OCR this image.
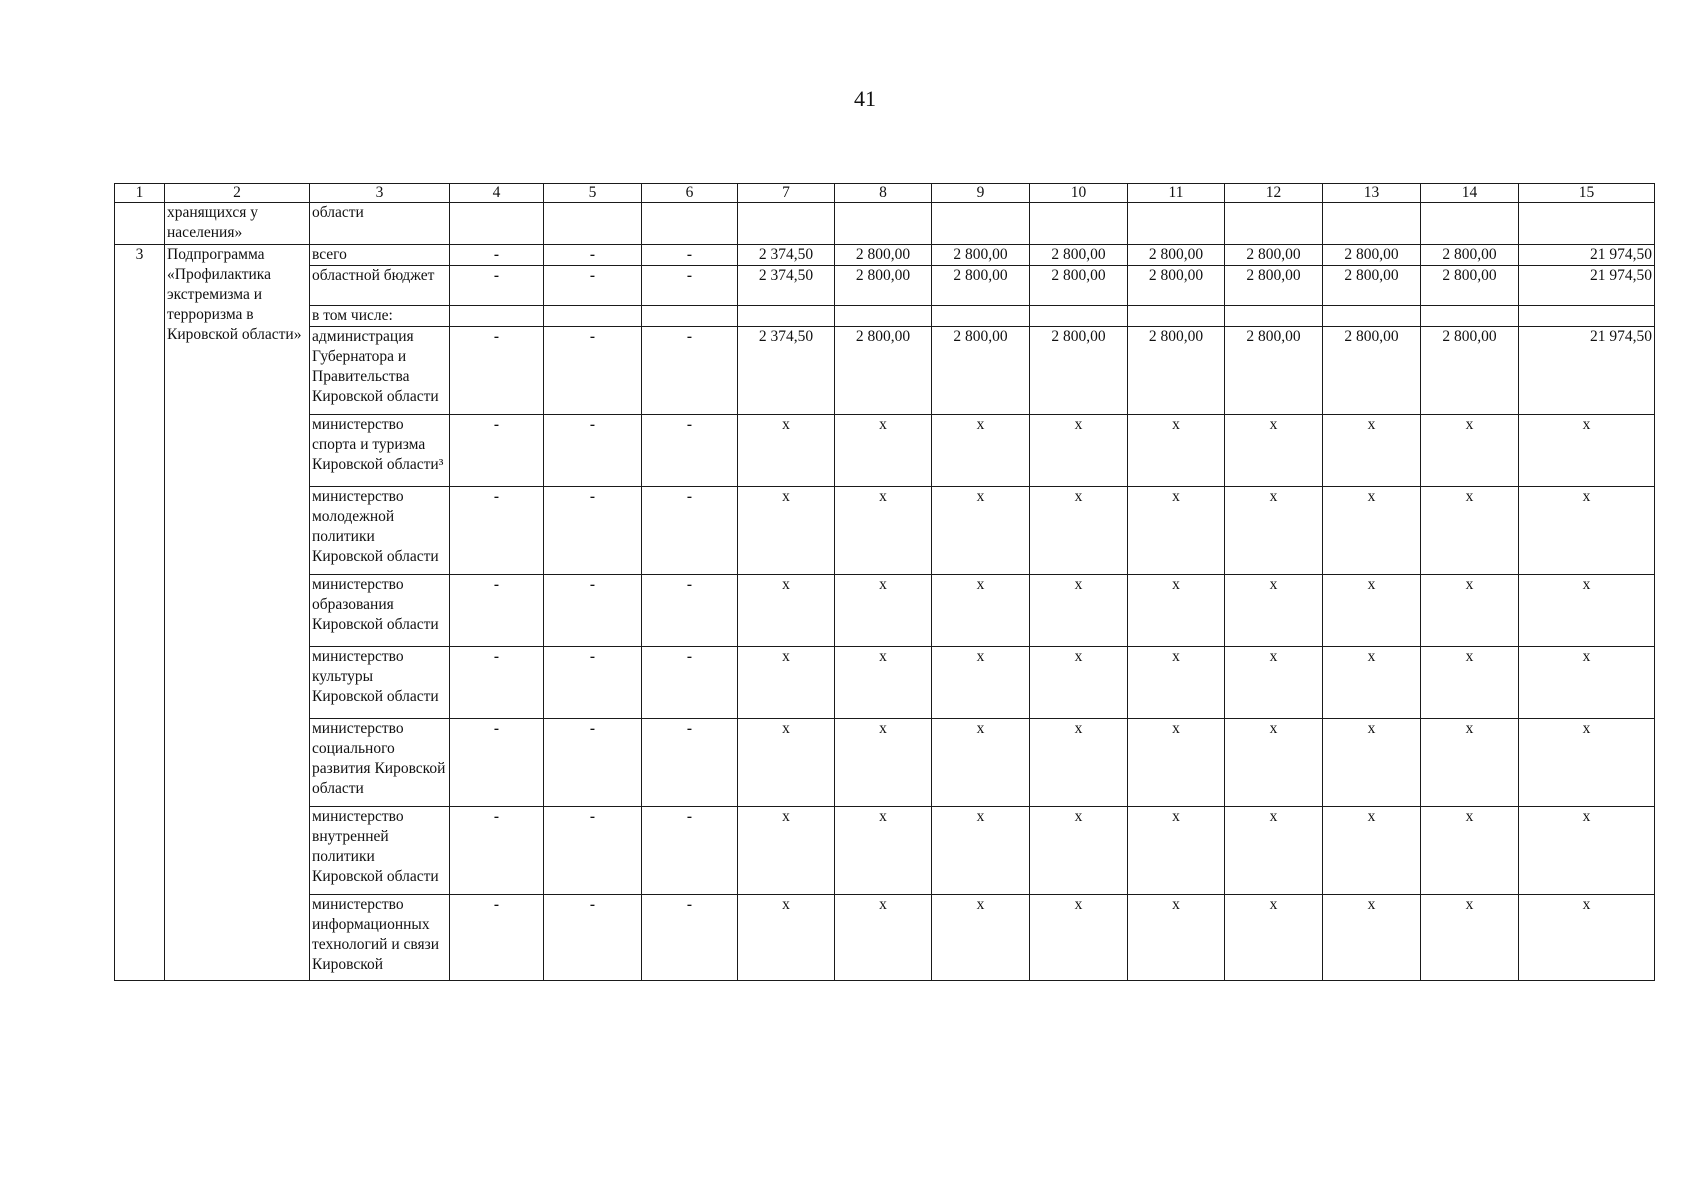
41
1	2	3	4	5	6	7	8	9	10	11	12	13	14	15
	хранящихся у населения»	области												
3	Подпрограмма «Профилактика экстремизма и терроризма в Кировской области»	всего	-	-	-	2 374,50	2 800,00	2 800,00	2 800,00	2 800,00	2 800,00	2 800,00	2 800,00	21 974,50
		областной бюджет	-	-	-	2 374,50	2 800,00	2 800,00	2 800,00	2 800,00	2 800,00	2 800,00	2 800,00	21 974,50
		в том числе:												
		администрация Губернатора и Правительства Кировской области	-	-	-	2 374,50	2 800,00	2 800,00	2 800,00	2 800,00	2 800,00	2 800,00	2 800,00	21 974,50
		министерство спорта и туризма Кировской области³	-	-	-	х	х	х	х	х	х	х	х	х
		министерство молодежной политики Кировской области	-	-	-	х	х	х	х	х	х	х	х	х
		министерство образования Кировской области	-	-	-	х	х	х	х	х	х	х	х	х
		министерство культуры Кировской области	-	-	-	х	х	х	х	х	х	х	х	х
		министерство социального развития Кировской области	-	-	-	х	х	х	х	х	х	х	х	х
		министерство внутренней политики Кировской области	-	-	-	х	х	х	х	х	х	х	х	х
		министерство информационных технологий и связи Кировской	-	-	-	х	х	х	х	х	х	х	х	х
